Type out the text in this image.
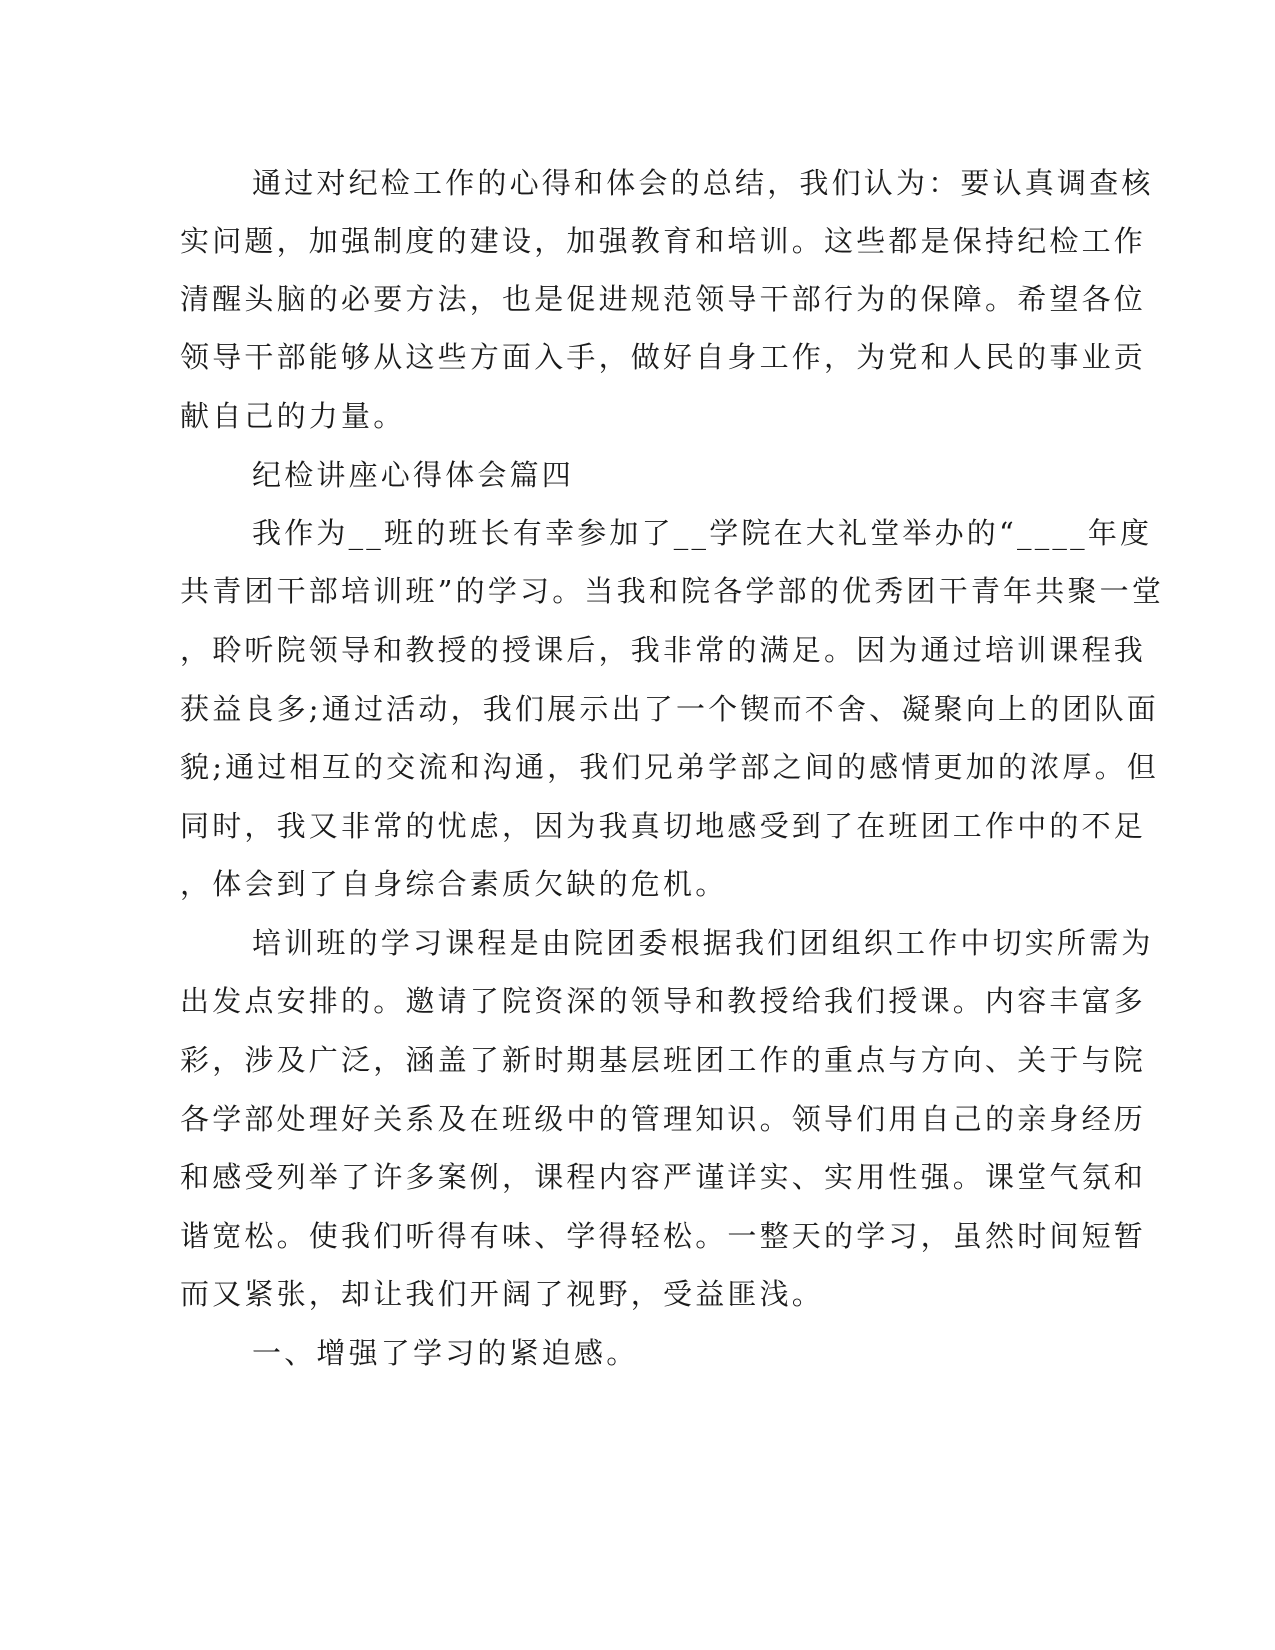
通过对纪检工作的心得和体会的总结，我们认为：要认真调查核
实问题，加强制度的建设，加强教育和培训。这些都是保持纪检工作
清醒头脑的必要方法，也是促进规范领导干部行为的保障。希望各位
领导干部能够从这些方面入手，做好自身工作，为党和人民的事业贡
献自己的力量。
纪检讲座心得体会篇四
我作为__班的班长有幸参加了__学院在大礼堂举办的“____年度
共青团干部培训班”的学习。当我和院各学部的优秀团干青年共聚一堂
，聆听院领导和教授的授课后，我非常的满足。因为通过培训课程我
获益良多;通过活动，我们展示出了一个锲而不舍、凝聚向上的团队面
貌;通过相互的交流和沟通，我们兄弟学部之间的感情更加的浓厚。但
同时，我又非常的忧虑，因为我真切地感受到了在班团工作中的不足
，体会到了自身综合素质欠缺的危机。
培训班的学习课程是由院团委根据我们团组织工作中切实所需为
出发点安排的。邀请了院资深的领导和教授给我们授课。内容丰富多
彩，涉及广泛，涵盖了新时期基层班团工作的重点与方向、关于与院
各学部处理好关系及在班级中的管理知识。领导们用自己的亲身经历
和感受列举了许多案例，课程内容严谨详实、实用性强。课堂气氛和
谐宽松。使我们听得有味、学得轻松。一整天的学习，虽然时间短暂
而又紧张，却让我们开阔了视野，受益匪浅。
一、增强了学习的紧迫感。
